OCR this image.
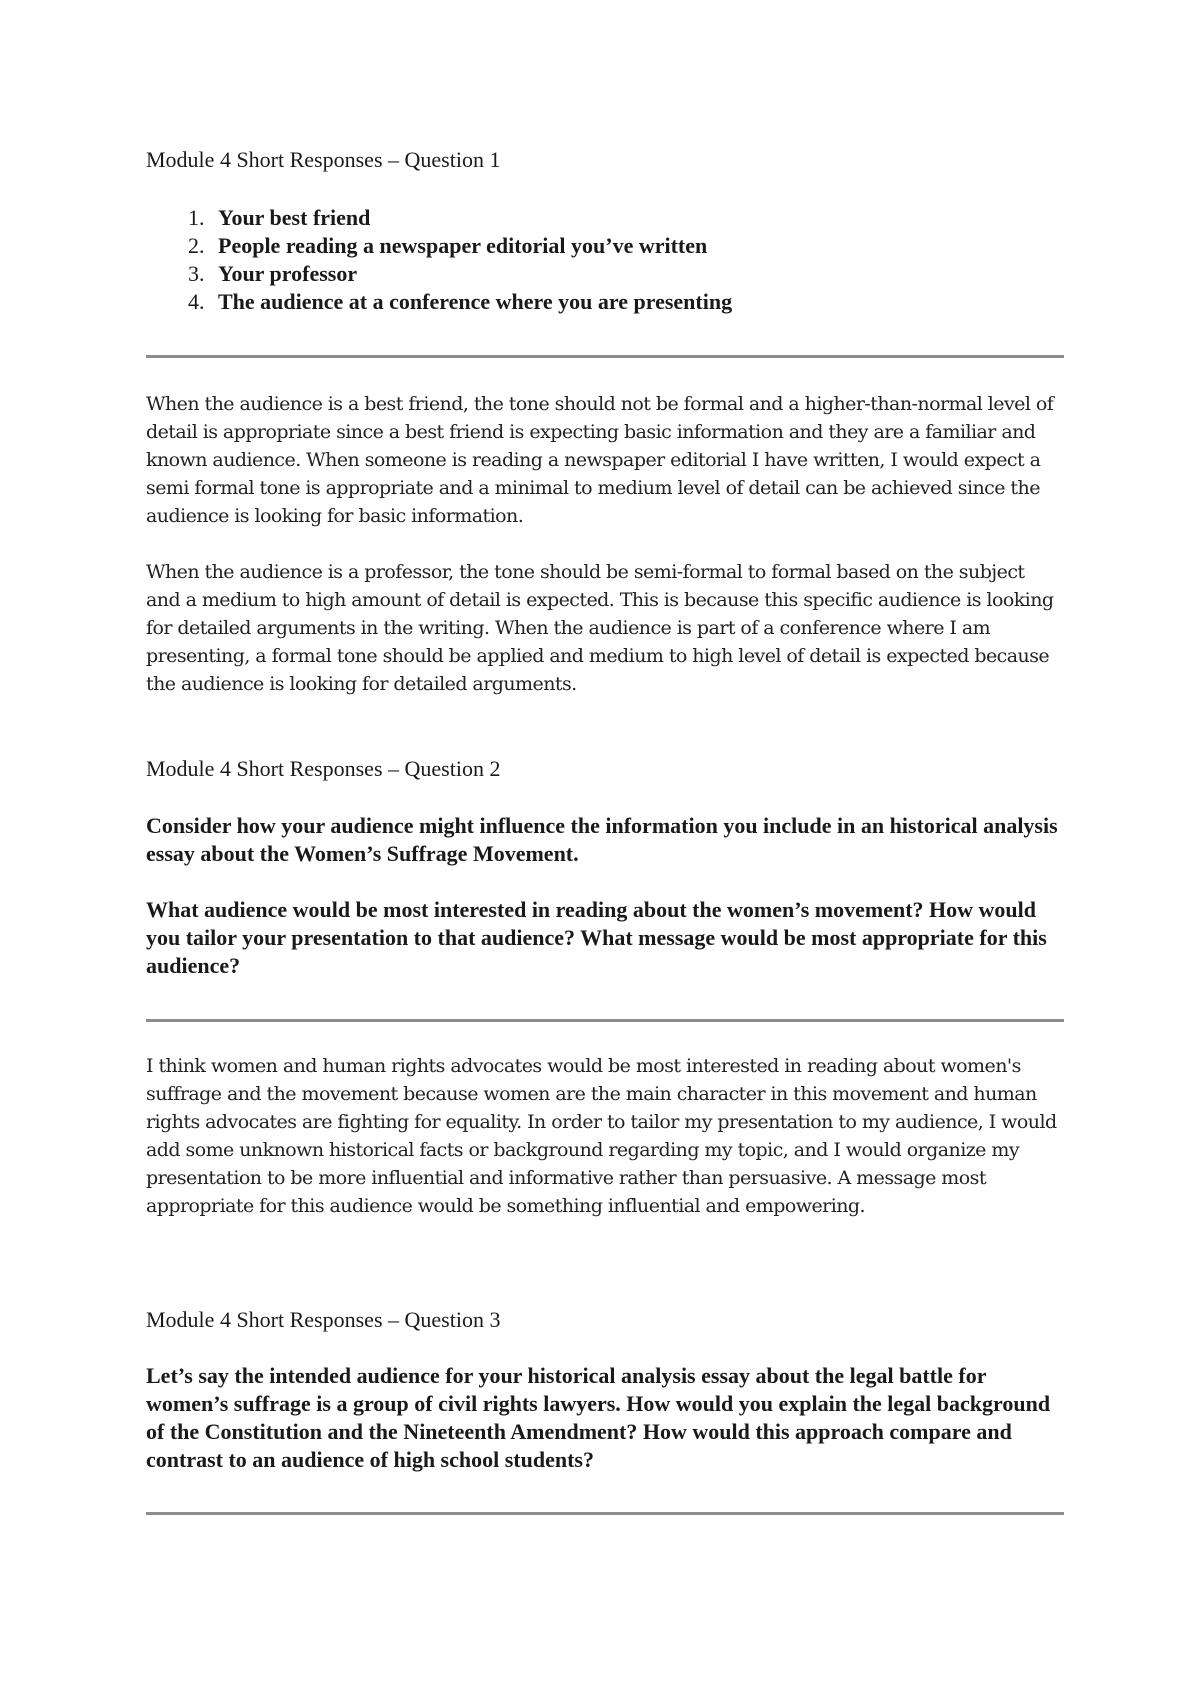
Module 4 Short Responses – Question 1
1. Your best friend
2. People reading a newspaper editorial you’ve written
3. Your professor
4. The audience at a conference where you are presenting

When the audience is a best friend, the tone should not be formal and a higher-than-normal level of detail is appropriate since a best friend is expecting basic information and they are a familiar and known audience. When someone is reading a newspaper editorial I have written, I would expect a semi formal tone is appropriate and a minimal to medium level of detail can be achieved since the audience is looking for basic information.

When the audience is a professor, the tone should be semi-formal to formal based on the subject and a medium to high amount of detail is expected. This is because this specific audience is looking for detailed arguments in the writing. When the audience is part of a conference where I am presenting, a formal tone should be applied and medium to high level of detail is expected because the audience is looking for detailed arguments.

Module 4 Short Responses – Question 2

Consider how your audience might influence the information you include in an historical analysis essay about the Women’s Suffrage Movement.

What audience would be most interested in reading about the women’s movement? How would you tailor your presentation to that audience? What message would be most appropriate for this audience?

I think women and human rights advocates would be most interested in reading about women's suffrage and the movement because women are the main character in this movement and human rights advocates are fighting for equality. In order to tailor my presentation to my audience, I would add some unknown historical facts or background regarding my topic, and I would organize my presentation to be more influential and informative rather than persuasive. A message most appropriate for this audience would be something influential and empowering.

Module 4 Short Responses – Question 3

Let’s say the intended audience for your historical analysis essay about the legal battle for women’s suffrage is a group of civil rights lawyers. How would you explain the legal background of the Constitution and the Nineteenth Amendment? How would this approach compare and contrast to an audience of high school students?
